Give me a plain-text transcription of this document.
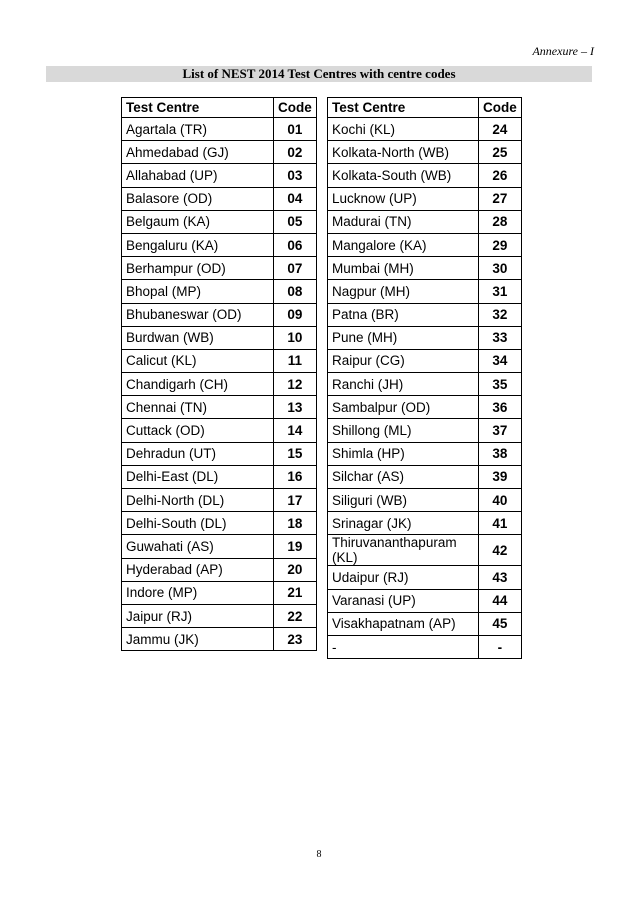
Annexure – I
List of NEST 2014 Test Centres with centre codes
Test Centre	Code
Agartala (TR)	01
Ahmedabad (GJ)	02
Allahabad (UP)	03
Balasore (OD)	04
Belgaum (KA)	05
Bengaluru (KA)	06
Berhampur (OD)	07
Bhopal (MP)	08
Bhubaneswar (OD)	09
Burdwan (WB)	10
Calicut (KL)	11
Chandigarh (CH)	12
Chennai (TN)	13
Cuttack (OD)	14
Dehradun (UT)	15
Delhi-East (DL)	16
Delhi-North (DL)	17
Delhi-South (DL)	18
Guwahati (AS)	19
Hyderabad (AP)	20
Indore (MP)	21
Jaipur (RJ)	22
Jammu (JK)	23
Test Centre	Code
Kochi (KL)	24
Kolkata-North (WB)	25
Kolkata-South (WB)	26
Lucknow (UP)	27
Madurai (TN)	28
Mangalore (KA)	29
Mumbai (MH)	30
Nagpur (MH)	31
Patna (BR)	32
Pune (MH)	33
Raipur (CG)	34
Ranchi (JH)	35
Sambalpur (OD)	36
Shillong (ML)	37
Shimla (HP)	38
Silchar (AS)	39
Siliguri (WB)	40
Srinagar (JK)	41
Thiruvananthapuram (KL)	42
Udaipur (RJ)	43
Varanasi (UP)	44
Visakhapatnam (AP)	45
-	-
8
